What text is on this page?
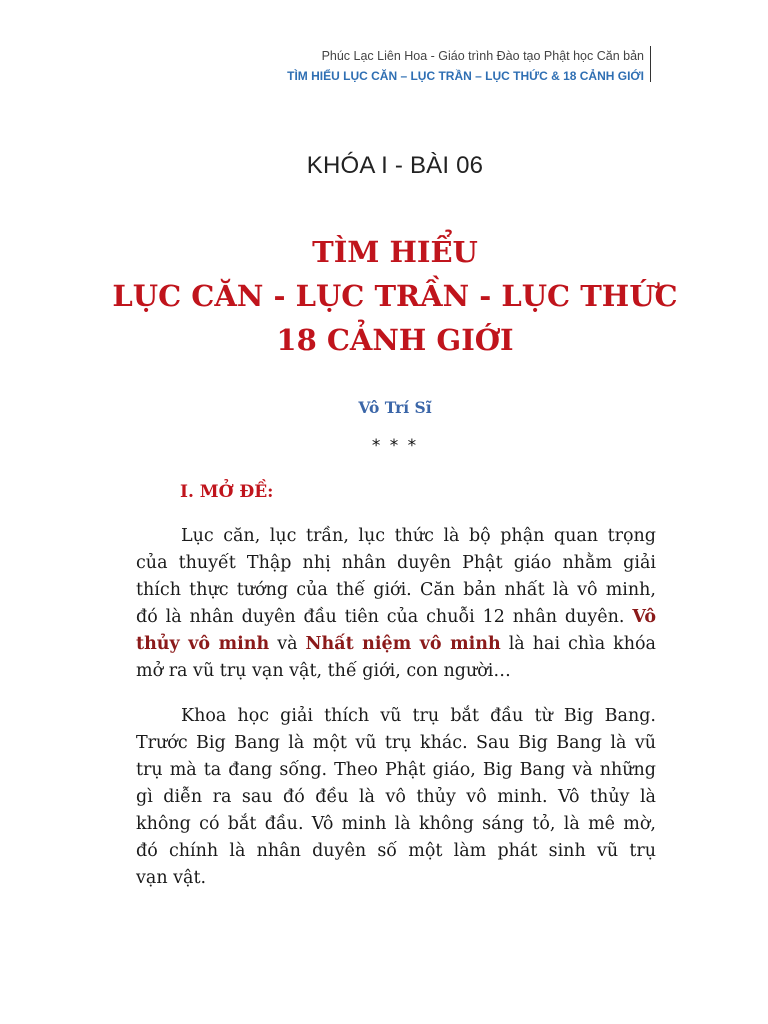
Phúc Lạc Liên Hoa - Giáo trình Đào tạo Phật học Căn bản
TÌM HIỂU LỤC CĂN – LỤC TRẦN – LỤC THỨC & 18 CẢNH GIỚI
KHÓA I - BÀI 06
TÌM HIỂU
LỤC CĂN - LỤC TRẦN - LỤC THỨC
18 CẢNH GIỚI
Vô Trí Sĩ
* * *
I. MỞ ĐỀ:
Lục căn, lục trần, lục thức là bộ phận quan trọng
của thuyết Thập nhị nhân duyên Phật giáo nhằm giải
thích thực tướng của thế giới. Căn bản nhất là vô minh,
đó là nhân duyên đầu tiên của chuỗi 12 nhân duyên. Vô
thủy vô minh và Nhất niệm vô minh là hai chìa khóa
mở ra vũ trụ vạn vật, thế giới, con người…
Khoa học giải thích vũ trụ bắt đầu từ Big Bang.
Trước Big Bang là một vũ trụ khác. Sau Big Bang là vũ
trụ mà ta đang sống. Theo Phật giáo, Big Bang và những
gì diễn ra sau đó đều là vô thủy vô minh. Vô thủy là
không có bắt đầu. Vô minh là không sáng tỏ, là mê mờ,
đó chính là nhân duyên số một làm phát sinh vũ trụ
vạn vật.
